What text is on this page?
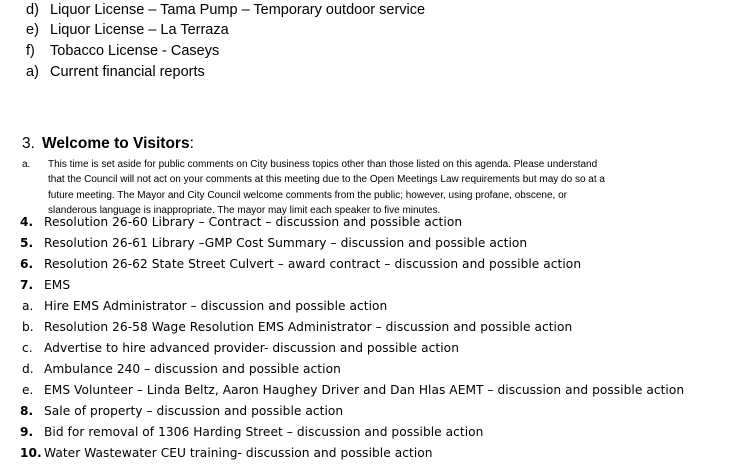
d) Liquor License – Tama Pump – Temporary outdoor service
e) Liquor License – La Terraza
f) Tobacco License - Caseys
a) Current financial reports
3. Welcome to Visitors:
a. This time is set aside for public comments on City business topics other than those listed on this agenda. Please understand
that the Council will not act on your comments at this meeting due to the Open Meetings Law requirements but may do so at a
future meeting. The Mayor and City Council welcome comments from the public; however, using profane, obscene, or
slanderous language is inappropriate. The mayor may limit each speaker to five minutes.
4. Resolution 26-60 Library – Contract – discussion and possible action
5. Resolution 26-61 Library –GMP Cost Summary – discussion and possible action
6. Resolution 26-62 State Street Culvert – award contract – discussion and possible action
7. EMS
a. Hire EMS Administrator – discussion and possible action
b. Resolution 26-58 Wage Resolution EMS Administrator – discussion and possible action
c. Advertise to hire advanced provider- discussion and possible action
d. Ambulance 240 – discussion and possible action
e. EMS Volunteer – Linda Beltz, Aaron Haughey Driver and Dan Hlas AEMT – discussion and possible action
8. Sale of property – discussion and possible action
9. Bid for removal of 1306 Harding Street – discussion and possible action
10. Water Wastewater CEU training- discussion and possible action
